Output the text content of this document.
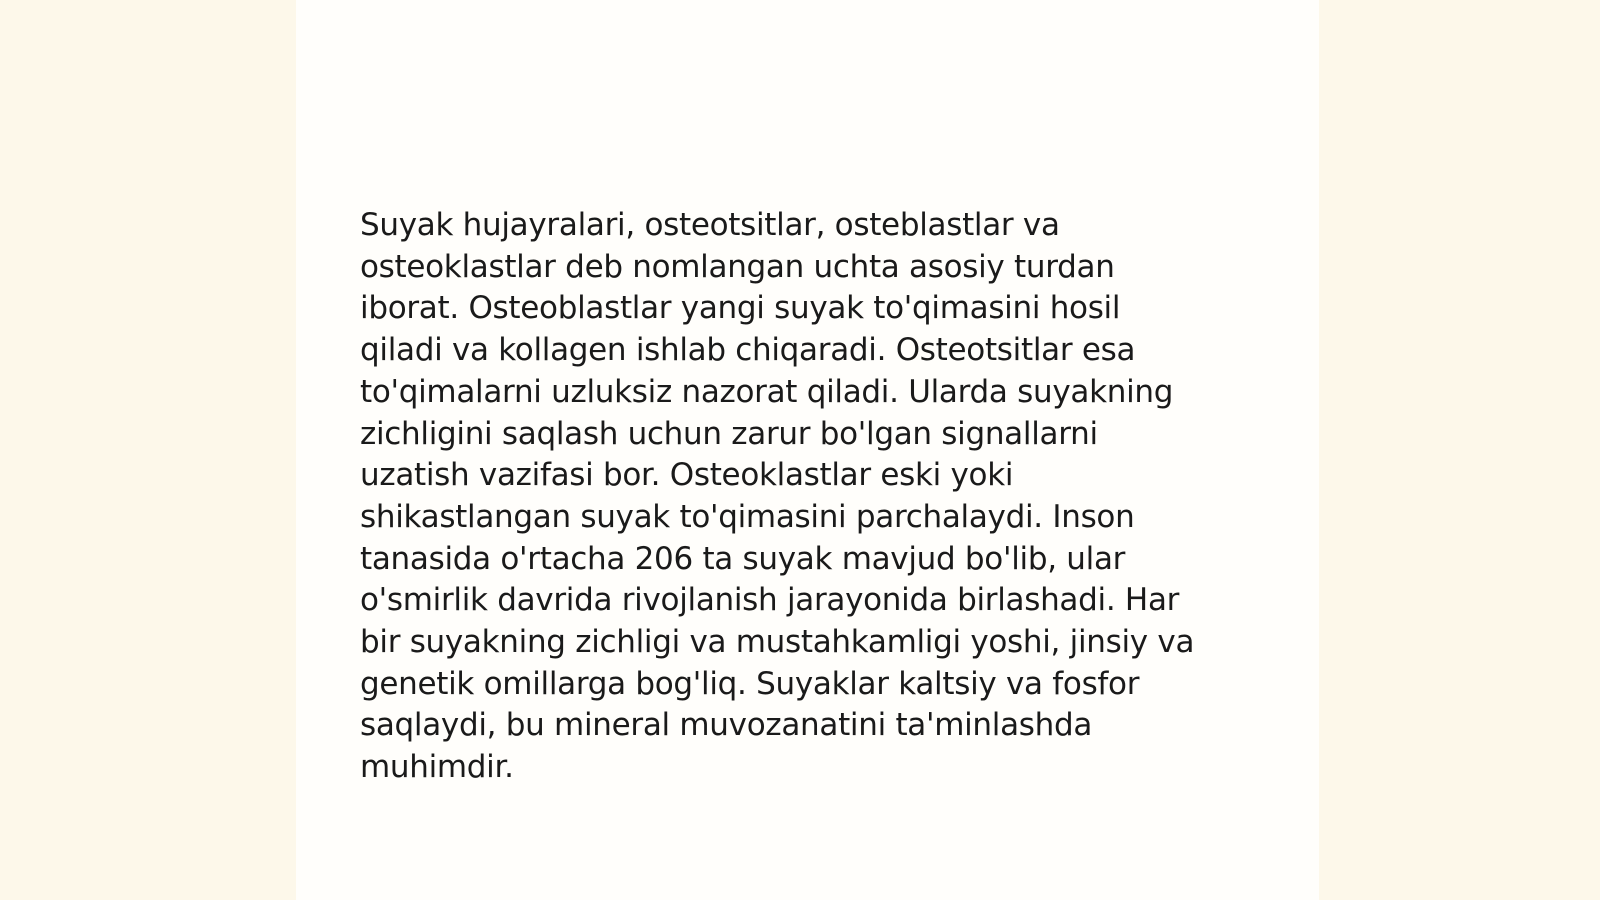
Suyak hujayralari, osteotsitlar, osteblastlar va
osteoklastlar deb nomlangan uchta asosiy turdan
iborat. Osteoblastlar yangi suyak to'qimasini hosil
qiladi va kollagen ishlab chiqaradi. Osteotsitlar esa
to'qimalarni uzluksiz nazorat qiladi. Ularda suyakning
zichligini saqlash uchun zarur bo'lgan signallarni
uzatish vazifasi bor. Osteoklastlar eski yoki
shikastlangan suyak to'qimasini parchalaydi. Inson
tanasida o'rtacha 206 ta suyak mavjud bo'lib, ular
o'smirlik davrida rivojlanish jarayonida birlashadi. Har
bir suyakning zichligi va mustahkamligi yoshi, jinsiy va
genetik omillarga bog'liq. Suyaklar kaltsiy va fosfor
saqlaydi, bu mineral muvozanatini ta'minlashda
muhimdir.
